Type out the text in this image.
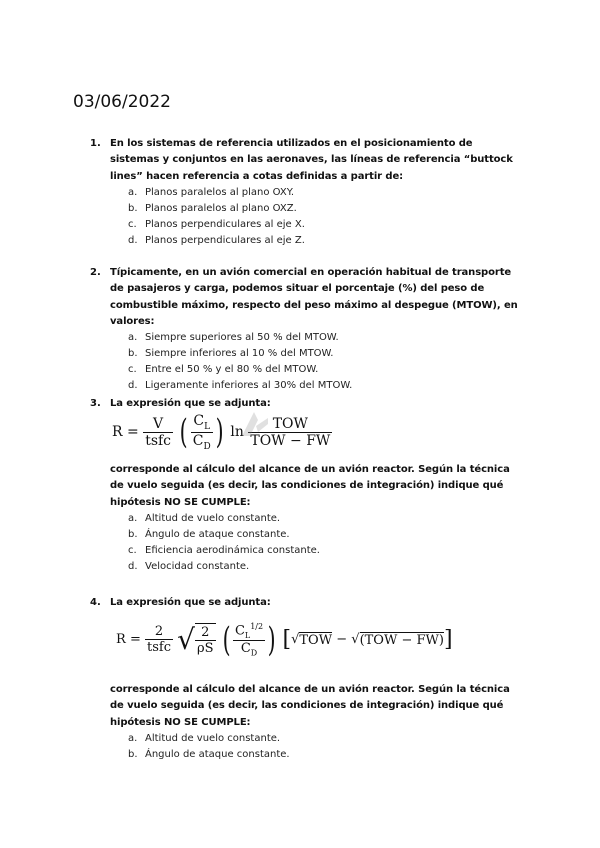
03/06/2022
1. En los sistemas de referencia utilizados en el posicionamiento de sistemas y conjuntos en las aeronaves, las líneas de referencia “buttock lines” hacen referencia a cotas definidas a partir de:
a. Planos paralelos al plano OXY.
b. Planos paralelos al plano OXZ.
c. Planos perpendiculares al eje X.
d. Planos perpendiculares al eje Z.
2. Típicamente, en un avión comercial en operación habitual de transporte de pasajeros y carga, podemos situar el porcentaje (%) del peso de combustible máximo, respecto del peso máximo al despegue (MTOW), en valores:
a. Siempre superiores al 50 % del MTOW.
b. Siempre inferiores al 10 % del MTOW.
c. Entre el 50 % y el 80 % del MTOW.
d. Ligeramente inferiores al 30% del MTOW.
3. La expresión que se adjunta:
$R = \frac{V}{\text{tsfc}}$ ( $\frac{C_L}{C_D}$ ) $\ln \frac{\text{TOW}}{\text{TOW − FW}}$
corresponde al cálculo del alcance de un avión reactor. Según la técnica de vuelo seguida (es decir, las condiciones de integración) indique qué hipótesis NO SE CUMPLE:
a. Altitud de vuelo constante.
b. Ángulo de ataque constante.
c. Eficiencia aerodinámica constante.
d. Velocidad constante.
4. La expresión que se adjunta:
$R = \frac{2}{\text{tsfc}}$ √ $\frac{2}{\rho S}$ ( $\frac{C_L^{1/2}}{C_D}$ ) [√TOW − √(TOW − FW)]
corresponde al cálculo del alcance de un avión reactor. Según la técnica de vuelo seguida (es decir, las condiciones de integración) indique qué hipótesis NO SE CUMPLE:
a. Altitud de vuelo constante.
b. Ángulo de ataque constante.
